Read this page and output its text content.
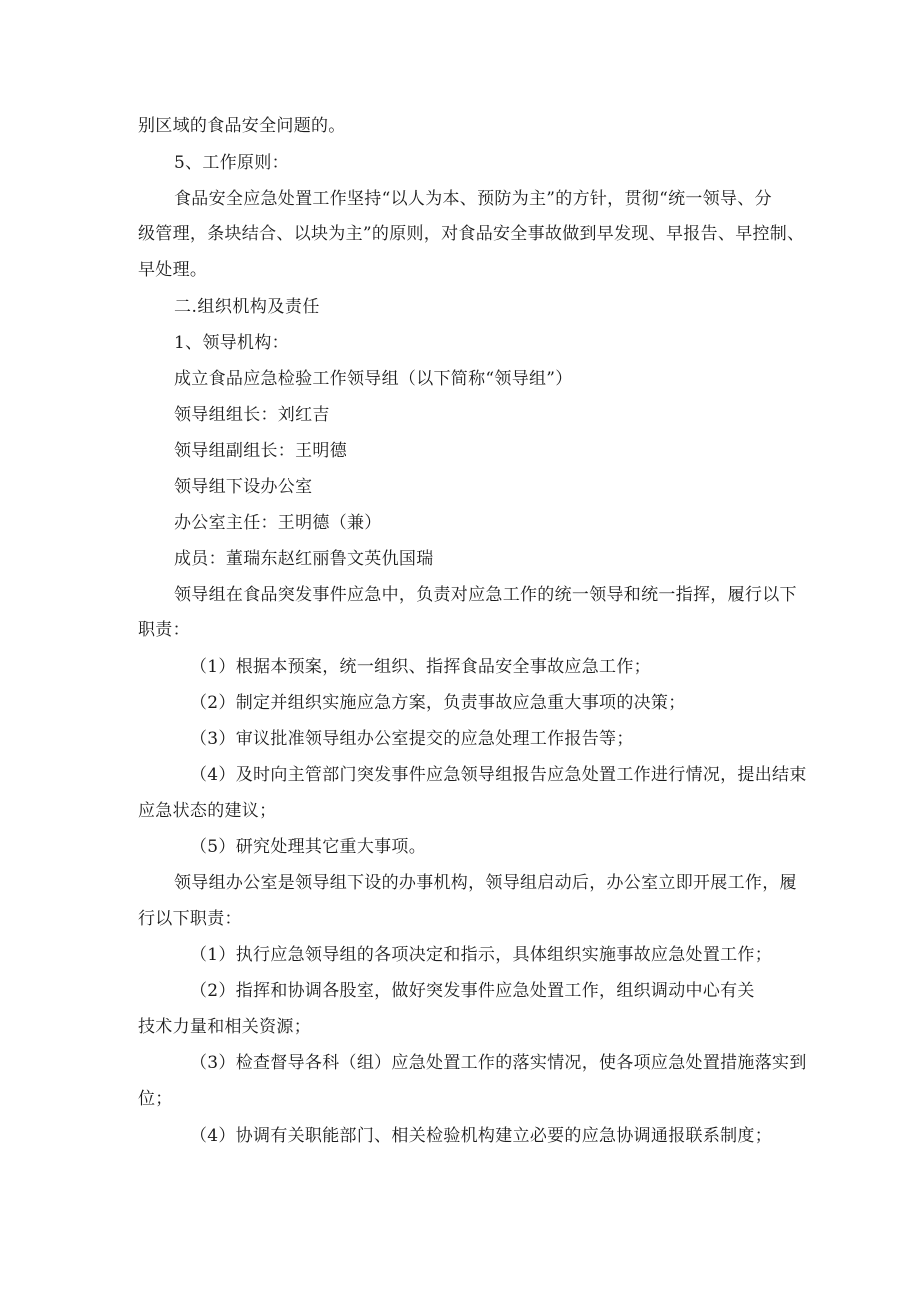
别区域的食品安全问题的。
5、工作原则：
食品安全应急处置工作坚持“以人为本、预防为主”的方针，贯彻“统一领导、分
级管理，条块结合、以块为主”的原则，对食品安全事故做到早发现、早报告、早控制、
早处理。
二.组织机构及责任
1、领导机构：
成立食品应急检验工作领导组（以下简称“领导组”）
领导组组长：刘红吉
领导组副组长：王明德
领导组下设办公室
办公室主任：王明德（兼）
成员：董瑞东赵红丽鲁文英仇国瑞
领导组在食品突发事件应急中，负责对应急工作的统一领导和统一指挥，履行以下
职责：
（1）根据本预案，统一组织、指挥食品安全事故应急工作；
（2）制定并组织实施应急方案，负责事故应急重大事项的决策；
（3）审议批准领导组办公室提交的应急处理工作报告等；
（4）及时向主管部门突发事件应急领导组报告应急处置工作进行情况，提出结束
应急状态的建议；
（5）研究处理其它重大事项。
领导组办公室是领导组下设的办事机构，领导组启动后，办公室立即开展工作，履
行以下职责：
（1）执行应急领导组的各项决定和指示，具体组织实施事故应急处置工作；
（2）指挥和协调各股室，做好突发事件应急处置工作，组织调动中心有关
技术力量和相关资源；
（3）检查督导各科（组）应急处置工作的落实情况，使各项应急处置措施落实到
位；
（4）协调有关职能部门、相关检验机构建立必要的应急协调通报联系制度；
